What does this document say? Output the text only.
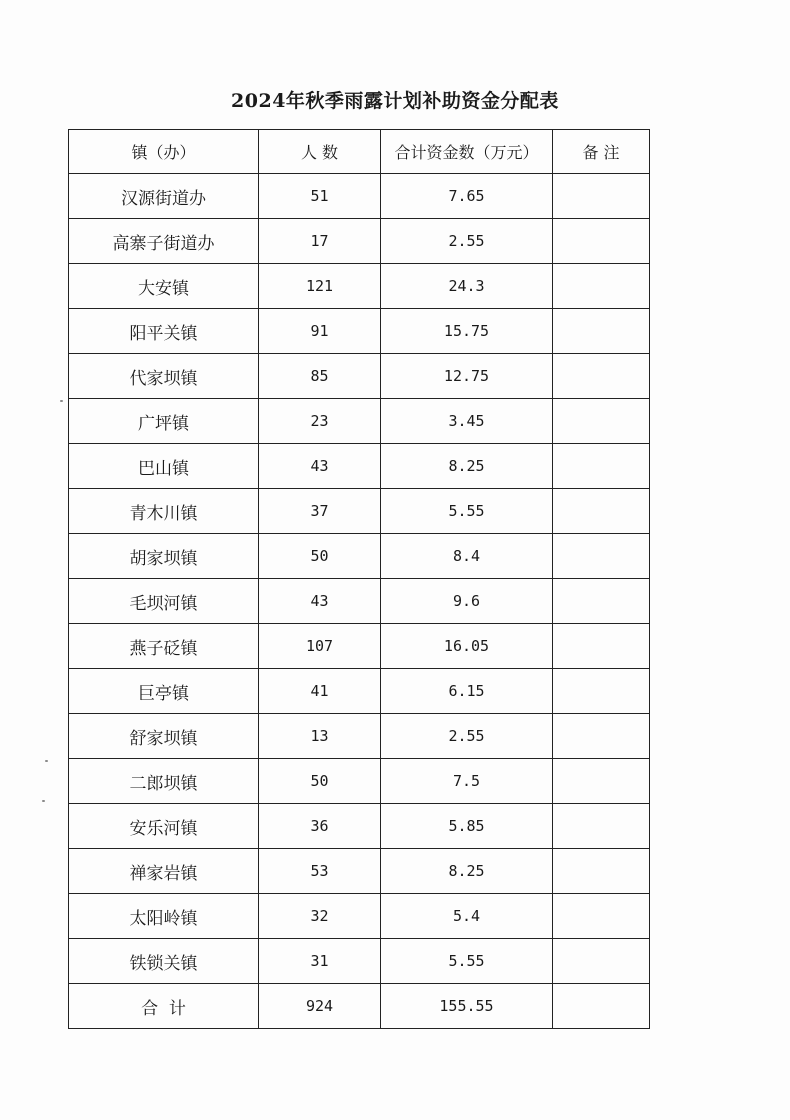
2024年秋季雨露计划补助资金分配表
镇（办）	人 数	合计资金数（万元）	备 注
汉源街道办	51	7.65	
高寨子街道办	17	2.55	
大安镇	121	24.3	
阳平关镇	91	15.75	
代家坝镇	85	12.75	
广坪镇	23	3.45	
巴山镇	43	8.25	
青木川镇	37	5.55	
胡家坝镇	50	8.4	
毛坝河镇	43	9.6	
燕子砭镇	107	16.05	
巨亭镇	41	6.15	
舒家坝镇	13	2.55	
二郎坝镇	50	7.5	
安乐河镇	36	5.85	
禅家岩镇	53	8.25	
太阳岭镇	32	5.4	
铁锁关镇	31	5.55	
合  计	924	155.55	
